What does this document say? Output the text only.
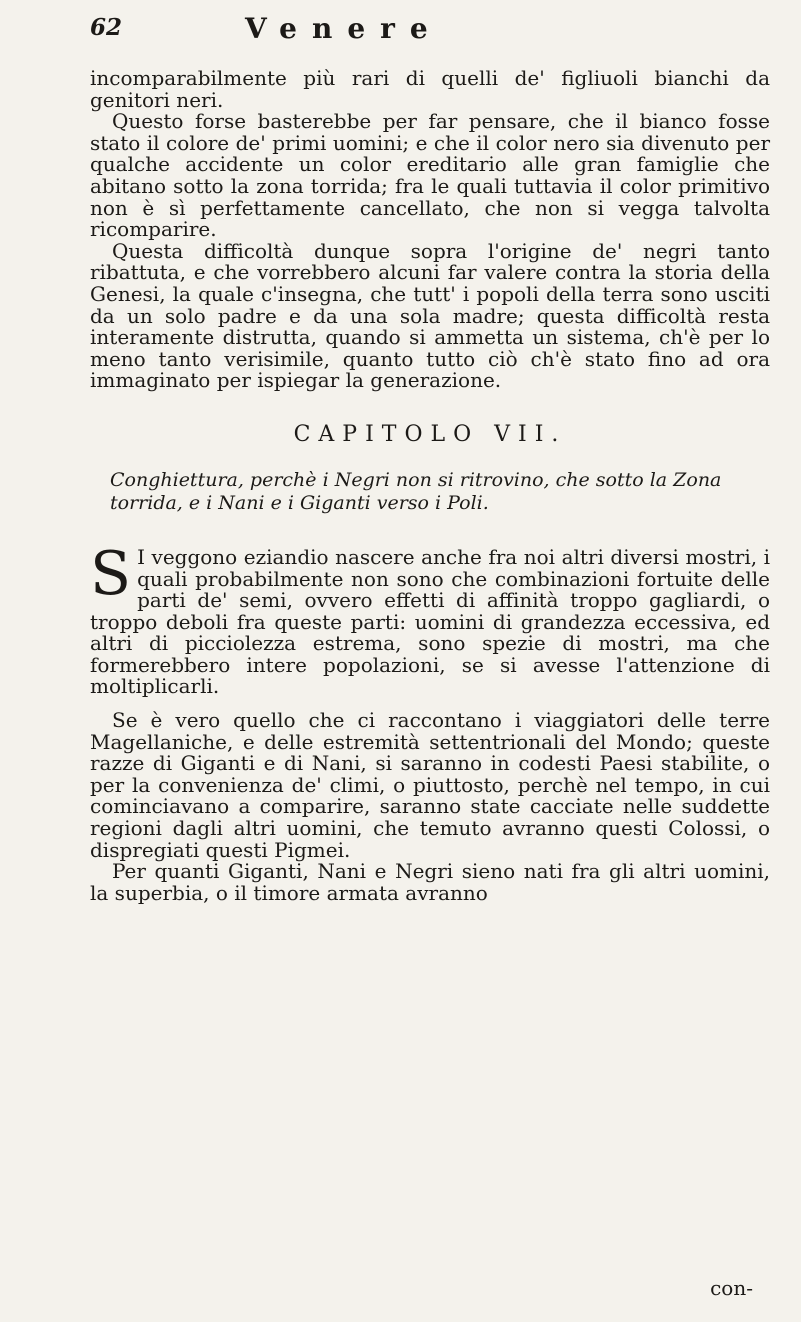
62	Venere

incomparabilmente più rari di quelli de' figliuoli bianchi da genitori neri.

Questo forse basterebbe per far pensare, che il bianco fosse stato il colore de' primi uomini; e che il color nero sia divenuto per qualche accidente un color ereditario alle gran famiglie che abitano sotto la zona torrida; fra le quali tuttavia il color primitivo non è sì perfettamente cancellato, che non si vegga talvolta ricomparire.

Questa difficoltà dunque sopra l'origine de' negri tanto ribattuta, e che vorrebbero alcuni far valere contra la storia della Genesi, la quale c'insegna, che tutt' i popoli della terra sono usciti da un solo padre e da una sola madre; questa difficoltà resta interamente distrutta, quando si ammetta un sistema, ch'è per lo meno tanto verisimile, quanto tutto ciò ch'è stato fino ad ora immaginato per ispiegar la generazione.

CAPITOLO VII.

Conghiettura, perchè i Negri non si ritrovino, che sotto la Zona torrida, e i Nani e i Giganti verso i Poli.

S I veggono eziandio nascere anche fra noi altri diversi mostri, i quali probabilmente non sono che combinazioni fortuite delle parti de' semi, ovvero effetti di affinità troppo gagliardi, o troppo deboli fra queste parti: uomini di grandezza eccessiva, ed altri di picciolezza estrema, sono spezie di mostri, ma che formerebbero intere popolazioni, se si avesse l'attenzione di moltiplicarli.

Se è vero quello che ci raccontano i viaggiatori delle terre Magellaniche, e delle estremità settentrionali del Mondo; queste razze di Giganti e di Nani, si saranno in codesti Paesi stabilite, o per la convenienza de' climi, o piuttosto, perchè nel tempo, in cui cominciavano a comparire, saranno state cacciate nelle suddette regioni dagli altri uomini, che temuto avranno questi Colossi, o dispregiati questi Pigmei.

Per quanti Giganti, Nani e Negri sieno nati fra gli altri uomini, la superbia, o il timore armata avranno

con-
